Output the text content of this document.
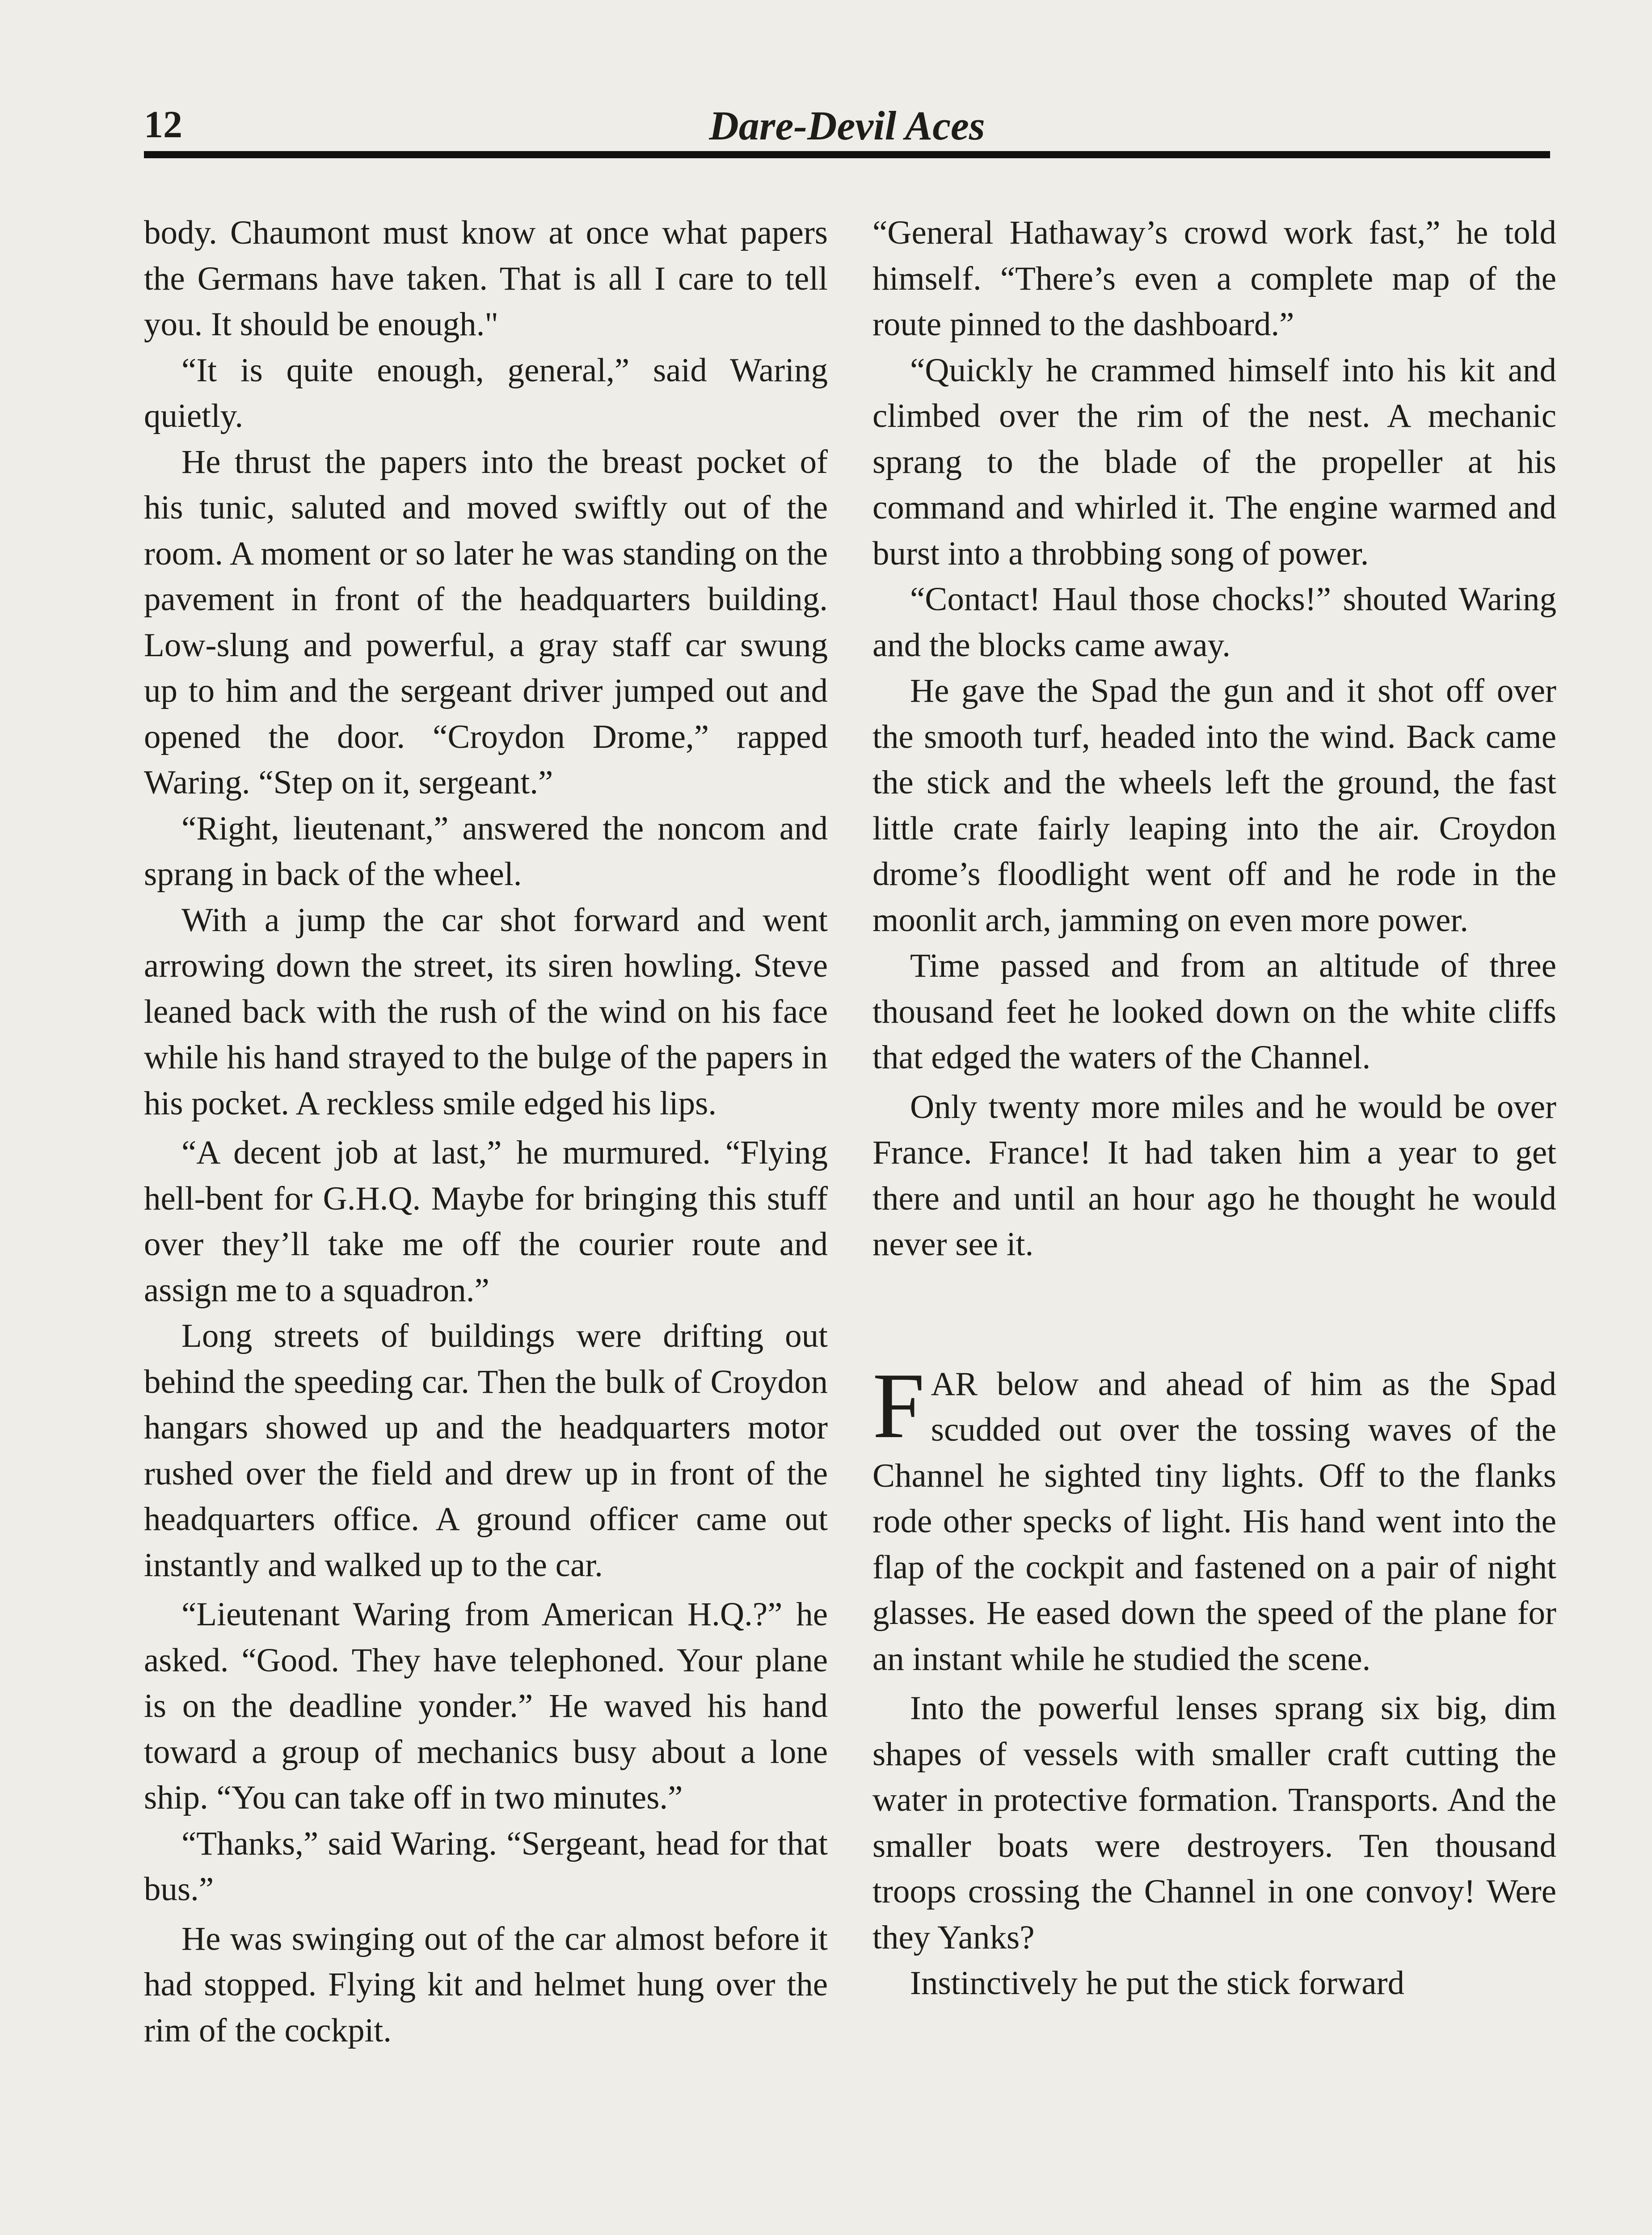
12	Dare-Devil Aces

body. Chaumont must know at once what papers the Germans have taken. That is all I care to tell you. It should be enough."

“It is quite enough, general,” said Waring quietly.

He thrust the papers into the breast pocket of his tunic, saluted and moved swiftly out of the room. A moment or so later he was standing on the pavement in front of the headquarters building. Low-slung and powerful, a gray staff car swung up to him and the sergeant driver jumped out and opened the door. “Croydon Drome,” rapped Waring. “Step on it, sergeant.”

“Right, lieutenant,” answered the noncom and sprang in back of the wheel.

With a jump the car shot forward and went arrowing down the street, its siren howling. Steve leaned back with the rush of the wind on his face while his hand strayed to the bulge of the papers in his pocket. A reckless smile edged his lips.

“A decent job at last,” he murmured. “Flying hell-bent for G.H.Q. Maybe for bringing this stuff over they’ll take me off the courier route and assign me to a squadron.”

Long streets of buildings were drifting out behind the speeding car. Then the bulk of Croydon hangars showed up and the headquarters motor rushed over the field and drew up in front of the headquarters office. A ground officer came out instantly and walked up to the car.

“Lieutenant Waring from American H.Q.?” he asked. “Good. They have telephoned. Your plane is on the deadline yonder.” He waved his hand toward a group of mechanics busy about a lone ship. “You can take off in two minutes.”

“Thanks,” said Waring. “Sergeant, head for that bus.”

He was swinging out of the car almost before it had stopped. Flying kit and helmet hung over the rim of the cockpit.

“General Hathaway’s crowd work fast,” he told himself. “There’s even a complete map of the route pinned to the dashboard.”

“Quickly he crammed himself into his kit and climbed over the rim of the nest. A mechanic sprang to the blade of the propeller at his command and whirled it. The engine warmed and burst into a throbbing song of power.

“Contact! Haul those chocks!” shouted Waring and the blocks came away.

He gave the Spad the gun and it shot off over the smooth turf, headed into the wind. Back came the stick and the wheels left the ground, the fast little crate fairly leaping into the air. Croydon drome’s floodlight went off and he rode in the moonlit arch, jamming on even more power.

Time passed and from an altitude of three thousand feet he looked down on the white cliffs that edged the waters of the Channel.

Only twenty more miles and he would be over France. France! It had taken him a year to get there and until an hour ago he thought he would never see it.

FAR below and ahead of him as the Spad scudded out over the tossing waves of the Channel he sighted tiny lights. Off to the flanks rode other specks of light. His hand went into the flap of the cockpit and fastened on a pair of night glasses. He eased down the speed of the plane for an instant while he studied the scene.

Into the powerful lenses sprang six big, dim shapes of vessels with smaller craft cutting the water in protective formation. Transports. And the smaller boats were destroyers. Ten thousand troops crossing the Channel in one convoy! Were they Yanks?

Instinctively he put the stick forward
